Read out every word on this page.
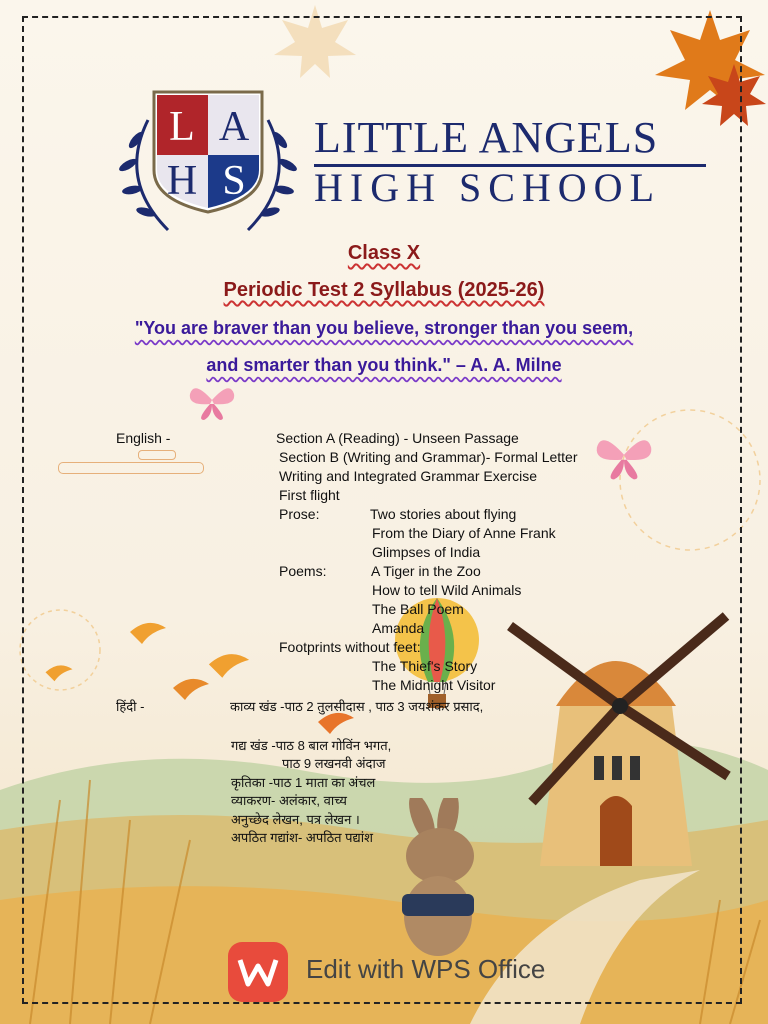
L A
H S
LITTLE ANGELS
HIGH SCHOOL
Class X
Periodic Test 2 Syllabus (2025-26)
"You are braver than you believe, stronger than you seem,
and smarter than you think." – A. A. Milne
English -	Section A (Reading) - Unseen Passage
Section B (Writing and Grammar)- Formal Letter
Writing and Integrated Grammar Exercise
First flight
Prose:	Two stories about flying
From the Diary of Anne Frank
Glimpses of India
Poems:	A Tiger in the Zoo
How to tell Wild Animals
The Ball Poem
Amanda
Footprints without feet:
The Thief's Story
The Midnight Visitor
हिंदी -	काव्य खंड -पाठ 2 तुलसीदास , पाठ 3 जयशंकर प्रसाद,
गद्य खंड -पाठ 8 बाल गोविंन भगत,
पाठ 9 लखनवी अंदाज
कृतिका -पाठ 1 माता का अंचल
व्याकरण- अलंकार, वाच्य
अनुच्छेद लेखन, पत्र लेखन ।
अपठित गद्यांश- अपठित पद्यांश
Edit with WPS Office
